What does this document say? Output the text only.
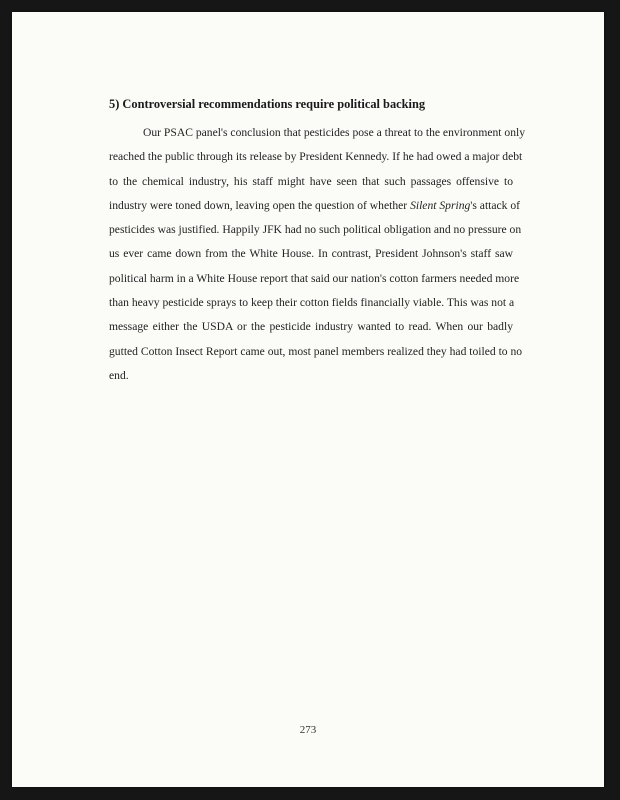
5) Controversial recommendations require political backing
Our PSAC panel's conclusion that pesticides pose a threat to the environment only
reached the public through its release by President Kennedy. If he had owed a major debt
to the chemical industry, his staff might have seen that such passages offensive to
industry were toned down, leaving open the question of whether Silent Spring's attack of
pesticides was justified. Happily JFK had no such political obligation and no pressure on
us ever came down from the White House. In contrast, President Johnson's staff saw
political harm in a White House report that said our nation's cotton farmers needed more
than heavy pesticide sprays to keep their cotton fields financially viable. This was not a
message either the USDA or the pesticide industry wanted to read. When our badly
gutted Cotton Insect Report came out, most panel members realized they had toiled to no
end.
273
